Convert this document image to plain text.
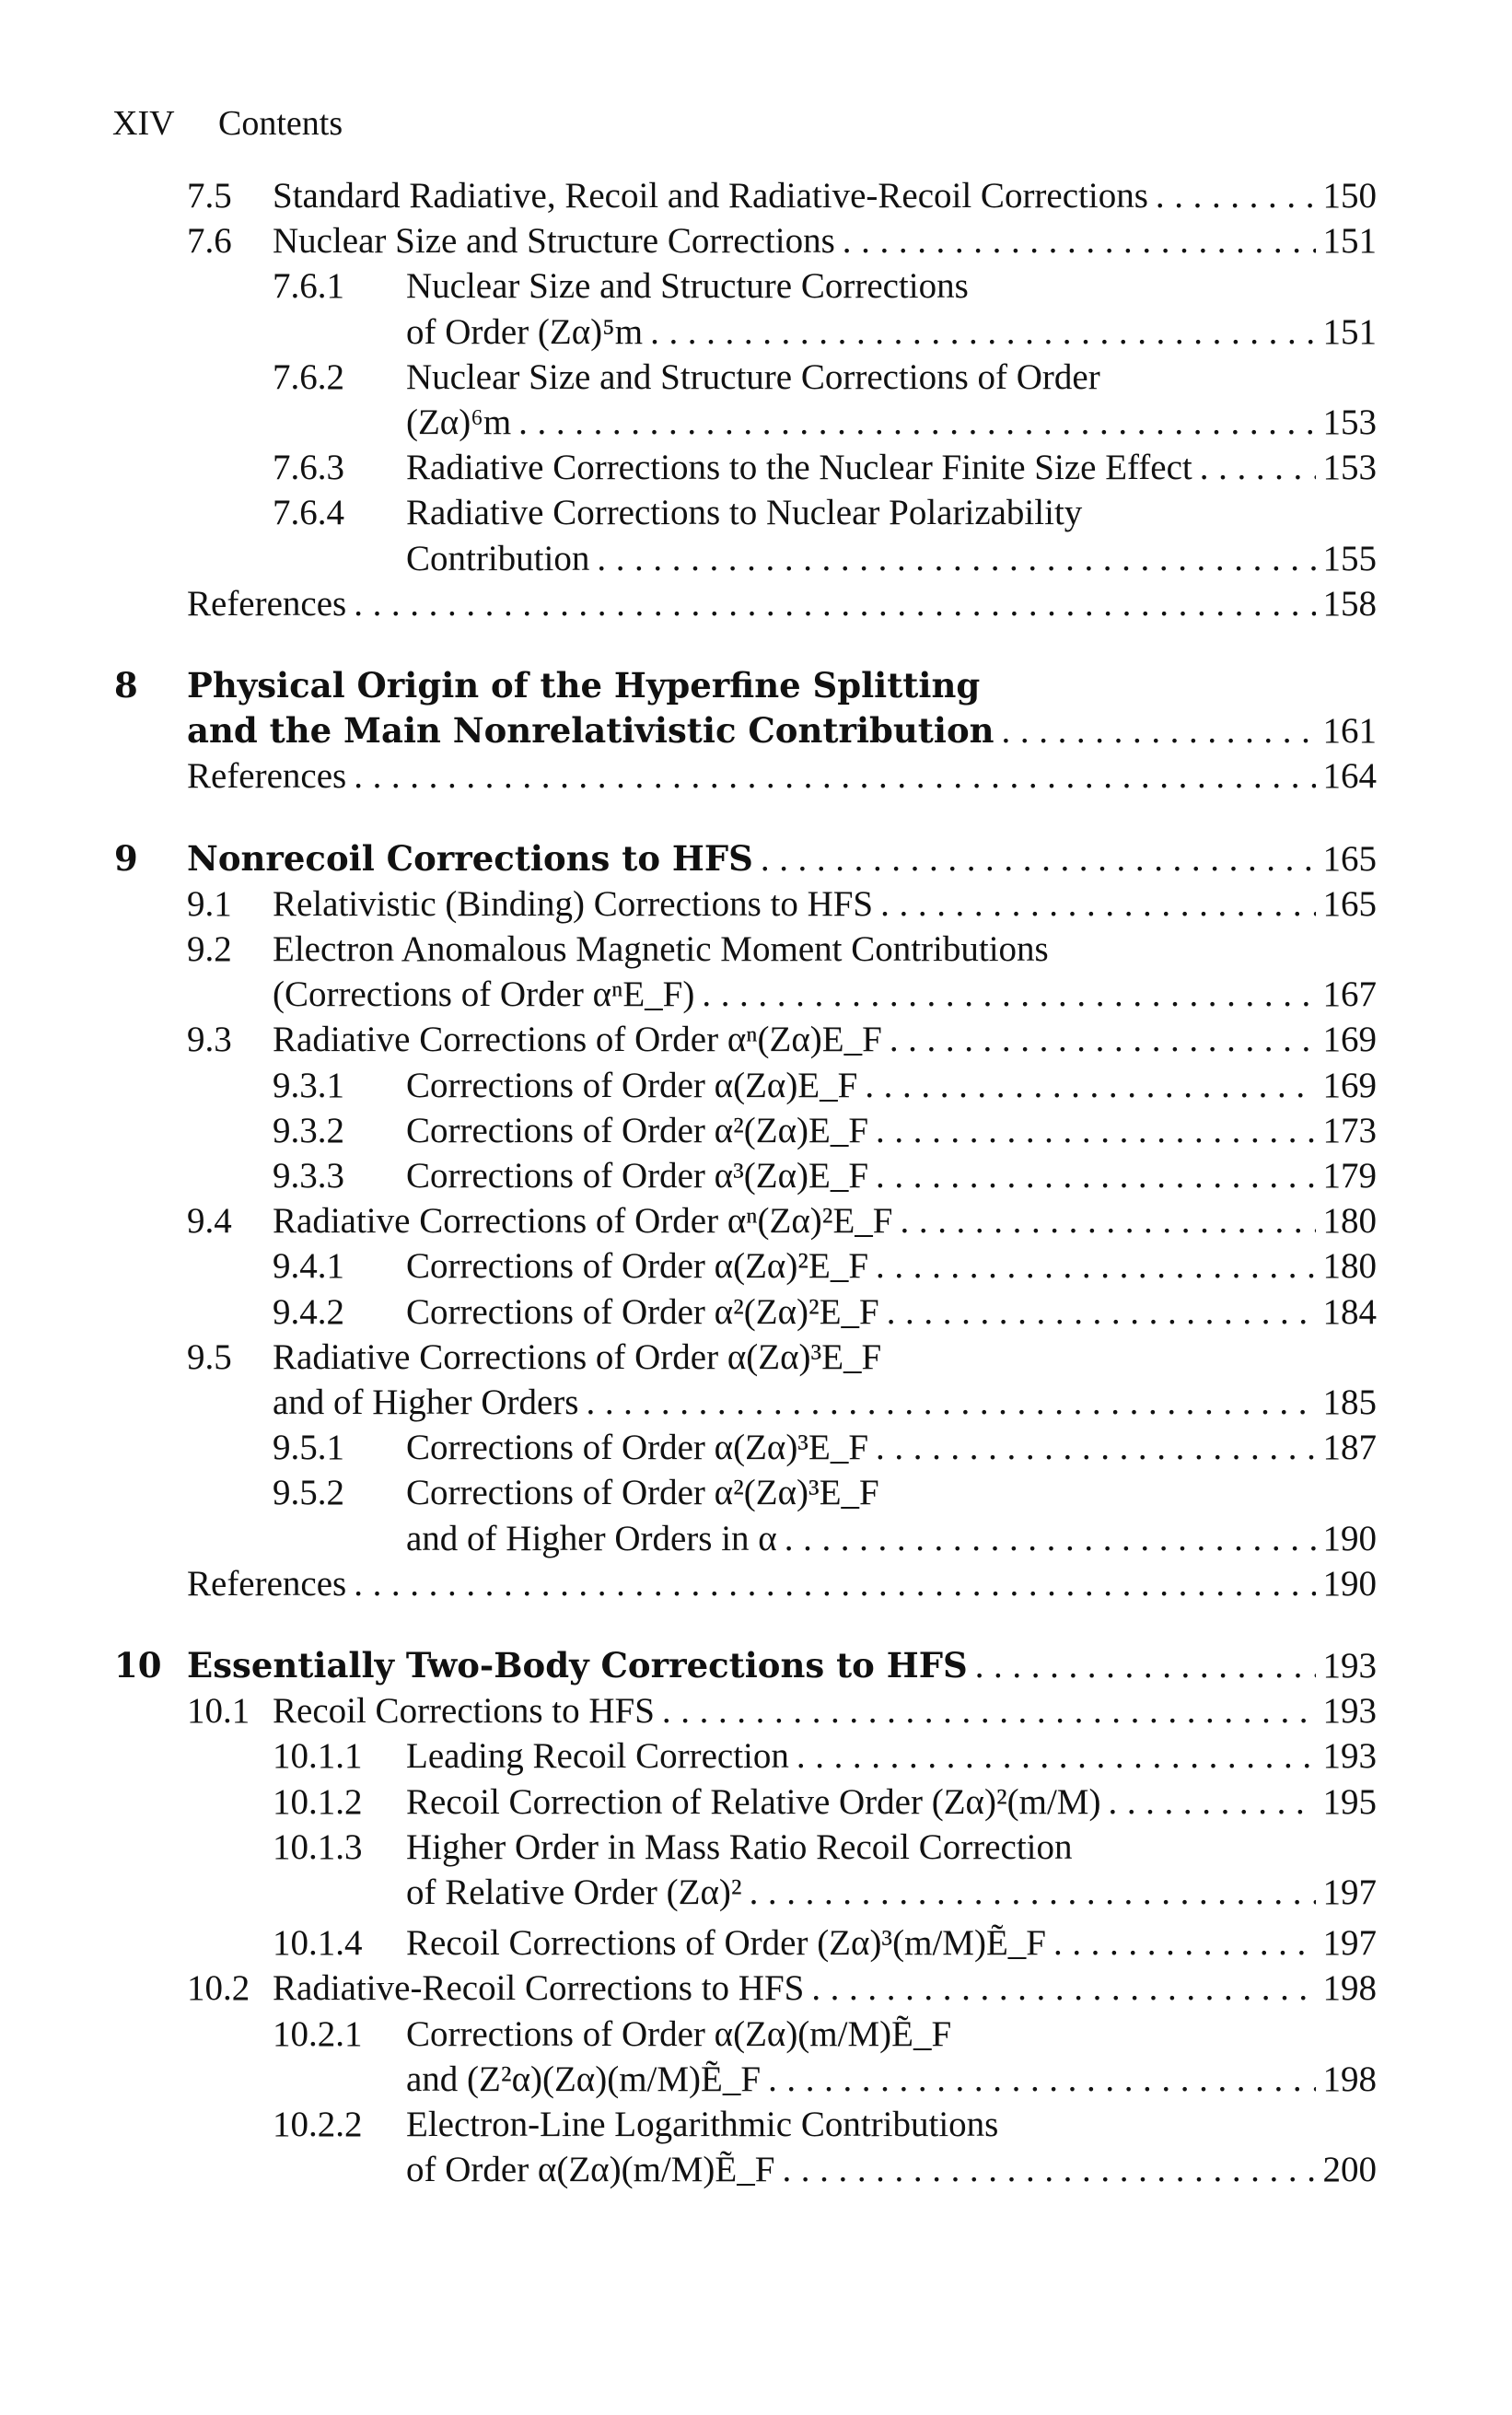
XIV Contents
7.5 Standard Radiative, Recoil and Radiative-Recoil Corrections .....	150
7.6 Nuclear Size and Structure Corrections .....	151
7.6.1 Nuclear Size and Structure Corrections
of Order (Zα)⁵m .....	151
7.6.2 Nuclear Size and Structure Corrections of Order
(Zα)⁶m .....	153
7.6.3 Radiative Corrections to the Nuclear Finite Size Effect .....	153
7.6.4 Radiative Corrections to Nuclear Polarizability
Contribution .....	155
References .....	158
8 Physical Origin of the Hyperfine Splitting
and the Main Nonrelativistic Contribution .....	161
References .....	164
9 Nonrecoil Corrections to HFS .....	165
9.1 Relativistic (Binding) Corrections to HFS .....	165
9.2 Electron Anomalous Magnetic Moment Contributions
(Corrections of Order αⁿE_F) .....	167
9.3 Radiative Corrections of Order αⁿ(Zα)E_F .....	169
9.3.1 Corrections of Order α(Zα)E_F .....	169
9.3.2 Corrections of Order α²(Zα)E_F .....	173
9.3.3 Corrections of Order α³(Zα)E_F .....	179
9.4 Radiative Corrections of Order αⁿ(Zα)²E_F .....	180
9.4.1 Corrections of Order α(Zα)²E_F .....	180
9.4.2 Corrections of Order α²(Zα)²E_F .....	184
9.5 Radiative Corrections of Order α(Zα)³E_F
and of Higher Orders .....	185
9.5.1 Corrections of Order α(Zα)³E_F .....	187
9.5.2 Corrections of Order α²(Zα)³E_F
and of Higher Orders in α .....	190
References .....	190
10 Essentially Two-Body Corrections to HFS .....	193
10.1 Recoil Corrections to HFS .....	193
10.1.1 Leading Recoil Correction .....	193
10.1.2 Recoil Correction of Relative Order (Zα)²(m/M) .....	195
10.1.3 Higher Order in Mass Ratio Recoil Correction
of Relative Order (Zα)² .....	197
10.1.4 Recoil Corrections of Order (Zα)³(m/M)Ẽ_F .....	197
10.2 Radiative-Recoil Corrections to HFS .....	198
10.2.1 Corrections of Order α(Zα)(m/M)Ẽ_F
and (Z²α)(Zα)(m/M)Ẽ_F .....	198
10.2.2 Electron-Line Logarithmic Contributions
of Order α(Zα)(m/M)Ẽ_F .....	200
